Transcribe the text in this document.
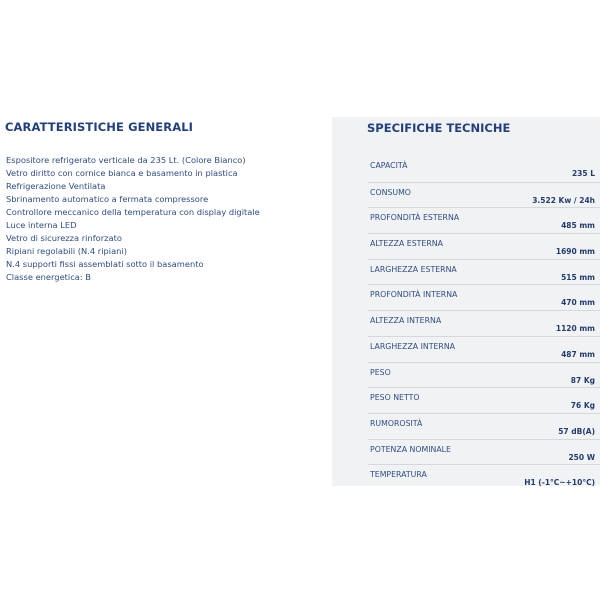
CARATTERISTICHE GENERALI
Espositore refrigerato verticale da 235 Lt. (Colore Bianco)
Vetro diritto con cornice bianca e basamento in plastica
Refrigerazione Ventilata
Sbrinamento automatico a fermata compressore
Controllore meccanico della temperatura con display digitale
Luce interna LED
Vetro di sicurezza rinforzato
Ripiani regolabili (N.4 ripiani)
N.4 supporti fissi assemblati sotto il basamento
Classe energetica: B
SPECIFICHE TECNICHE
CAPACITÀ
235 L
CONSUMO
3.522 Kw / 24h
PROFONDITÀ ESTERNA
485 mm
ALTEZZA ESTERNA
1690 mm
LARGHEZZA ESTERNA
515 mm
PROFONDITÀ INTERNA
470 mm
ALTEZZA INTERNA
1120 mm
LARGHEZZA INTERNA
487 mm
PESO
87 Kg
PESO NETTO
76 Kg
RUMOROSITÀ
57 dB(A)
POTENZA NOMINALE
250 W
TEMPERATURA
H1 (-1°C~+10°C)
